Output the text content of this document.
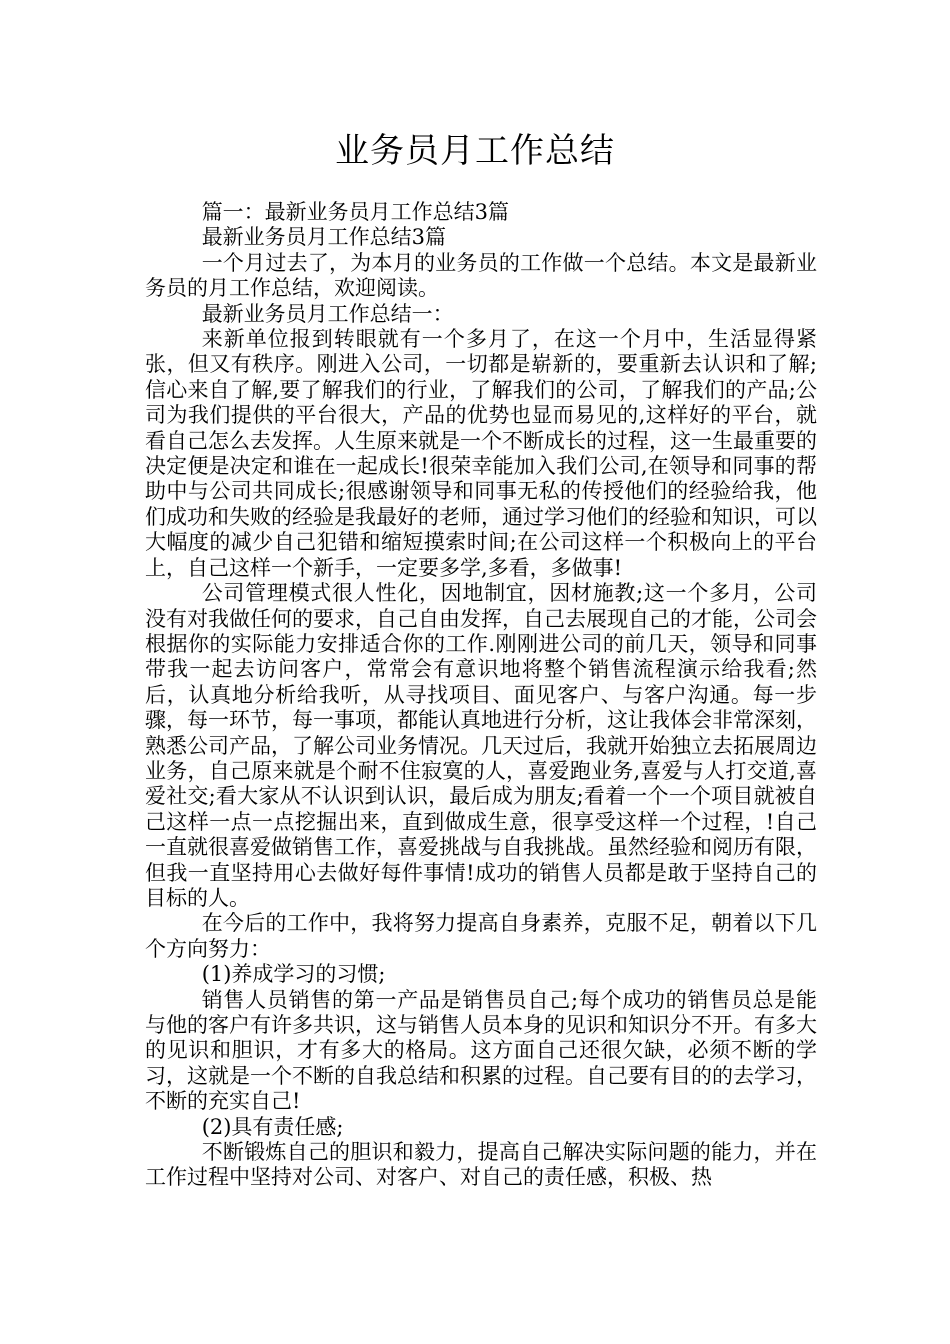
业务员月工作总结

篇一：最新业务员月工作总结3篇

最新业务员月工作总结3篇

一个月过去了，为本月的业务员的工作做一个总结。本文是最新业务员的月工作总结，欢迎阅读。

最新业务员月工作总结一：

来新单位报到转眼就有一个多月了，在这一个月中，生活显得紧张，但又有秩序。刚进入公司，一切都是崭新的，要重新去认识和了解;信心来自了解,要了解我们的行业，了解我们的公司，了解我们的产品;公司为我们提供的平台很大，产品的优势也显而易见的,这样好的平台，就看自己怎么去发挥。人生原来就是一个不断成长的过程，这一生最重要的决定便是决定和谁在一起成长!很荣幸能加入我们公司,在领导和同事的帮助中与公司共同成长;很感谢领导和同事无私的传授他们的经验给我，他们成功和失败的经验是我最好的老师，通过学习他们的经验和知识，可以大幅度的减少自己犯错和缩短摸索时间;在公司这样一个积极向上的平台上，自己这样一个新手，一定要多学,多看，多做事!

公司管理模式很人性化，因地制宜，因材施教;这一个多月，公司没有对我做任何的要求，自己自由发挥，自己去展现自己的才能，公司会根据你的实际能力安排适合你的工作.刚刚进公司的前几天，领导和同事带我一起去访问客户，常常会有意识地将整个销售流程演示给我看;然后，认真地分析给我听，从寻找项目、面见客户、与客户沟通。每一步骤，每一环节，每一事项，都能认真地进行分析，这让我体会非常深刻，熟悉公司产品，了解公司业务情况。几天过后，我就开始独立去拓展周边业务，自己原来就是个耐不住寂寞的人，喜爱跑业务,喜爱与人打交道,喜爱社交;看大家从不认识到认识，最后成为朋友;看着一个一个项目就被自己这样一点一点挖掘出来，直到做成生意，很享受这样一个过程，!自己一直就很喜爱做销售工作，喜爱挑战与自我挑战。虽然经验和阅历有限，但我一直坚持用心去做好每件事情!成功的销售人员都是敢于坚持自己的目标的人。

在今后的工作中，我将努力提高自身素养，克服不足，朝着以下几个方向努力：

(1)养成学习的习惯;

销售人员销售的第一产品是销售员自己;每个成功的销售员总是能与他的客户有许多共识，这与销售人员本身的见识和知识分不开。有多大的见识和胆识，才有多大的格局。这方面自己还很欠缺，必须不断的学习，这就是一个不断的自我总结和积累的过程。自己要有目的的去学习，不断的充实自己!

(2)具有责任感;

不断锻炼自己的胆识和毅力，提高自己解决实际问题的能力，并在工作过程中坚持对公司、对客户、对自己的责任感，积极、热
